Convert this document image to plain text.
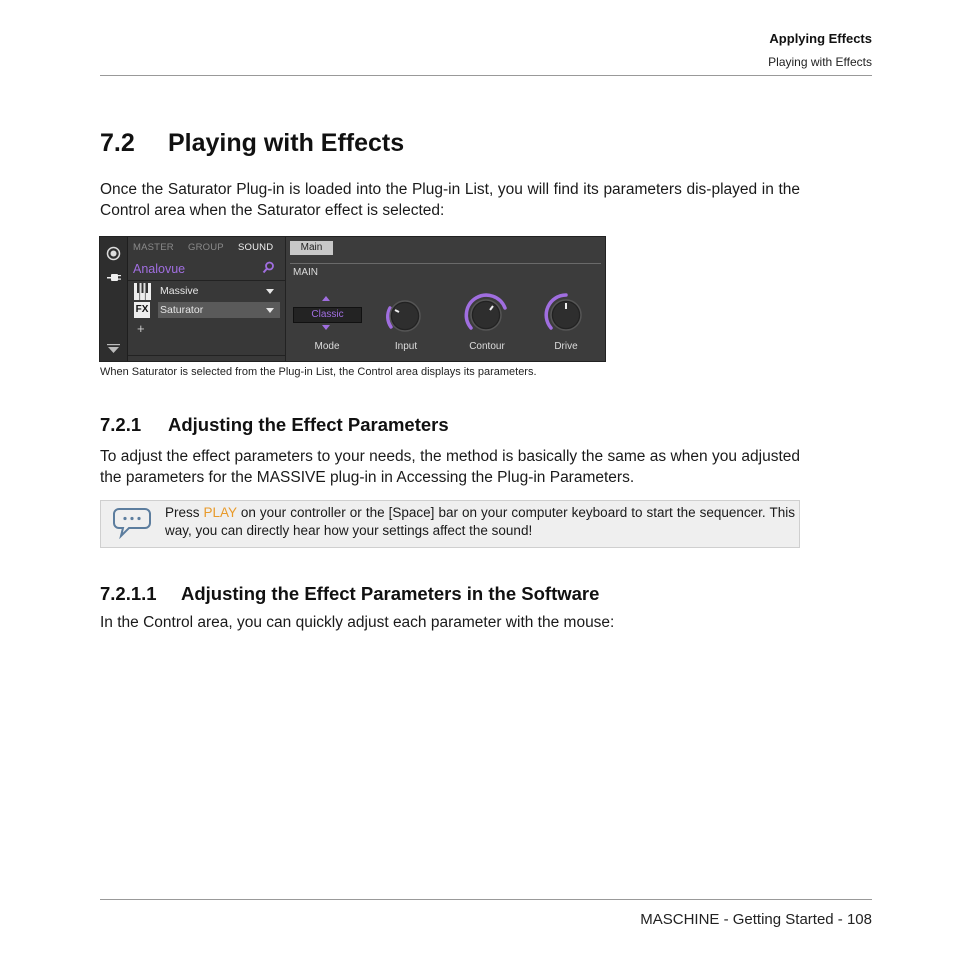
Applying Effects
Playing with Effects
7.2 Playing with Effects
Once the Saturator Plug-in is loaded into the Plug-in List, you will find its parameters dis-played in the Control area when the Saturator effect is selected:
MASTER GROUP SOUND
Analovue
Massive
FX Saturator
+
Main
MAIN
Classic
Mode	Input	Contour	Drive
When Saturator is selected from the Plug-in List, the Control area displays its parameters.
7.2.1 Adjusting the Effect Parameters
To adjust the effect parameters to your needs, the method is basically the same as when you adjusted the parameters for the MASSIVE plug-in in Accessing the Plug-in Parameters.
Press PLAY on your controller or the [Space] bar on your computer keyboard to start the sequencer. This way, you can directly hear how your settings affect the sound!
7.2.1.1 Adjusting the Effect Parameters in the Software
In the Control area, you can quickly adjust each parameter with the mouse:
MASCHINE - Getting Started - 108
